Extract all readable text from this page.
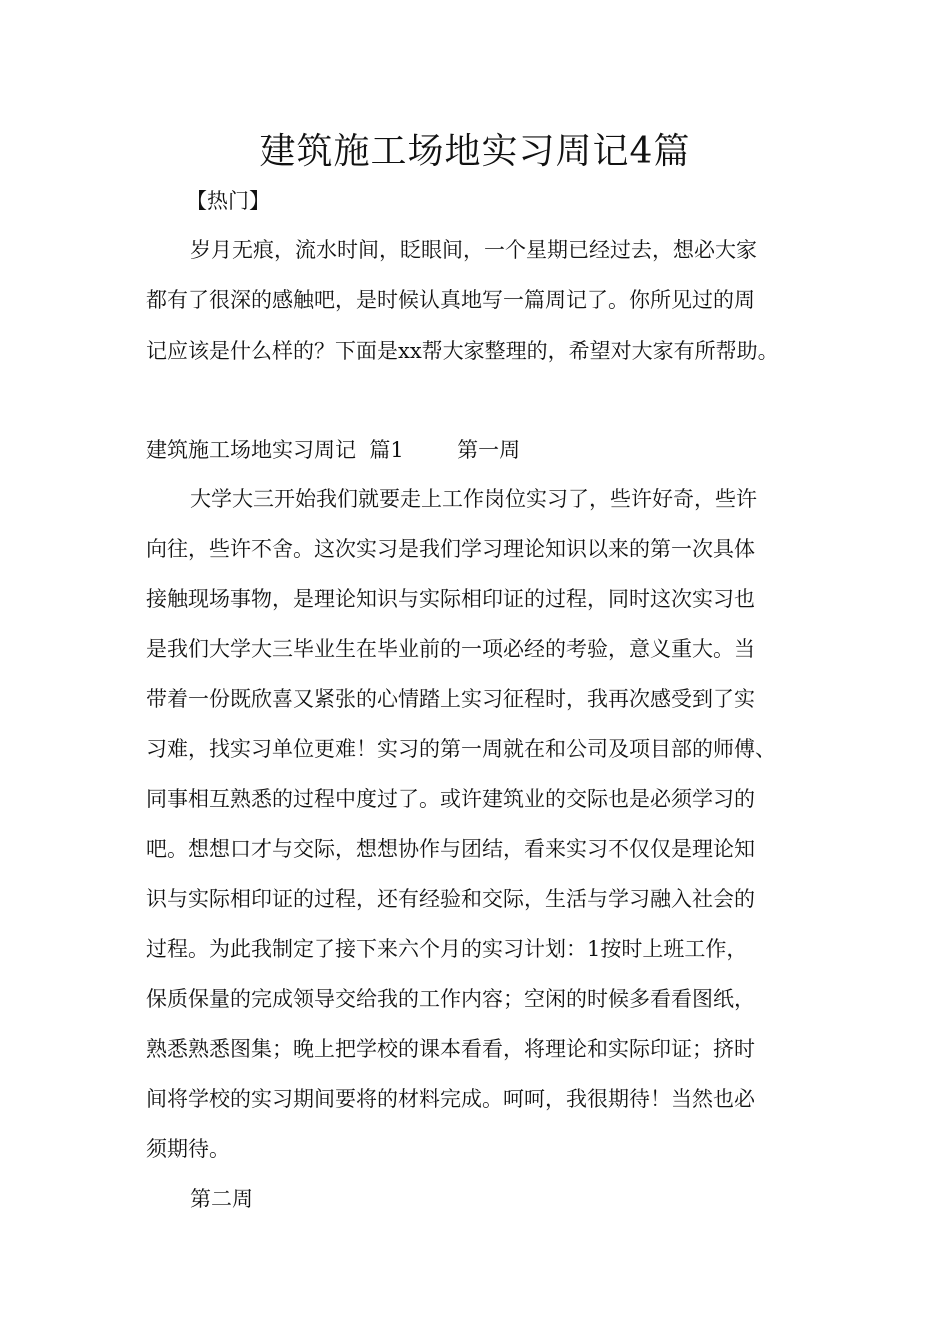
建筑施工场地实习周记4篇
【热门】
岁月无痕，流水时间，眨眼间，一个星期已经过去，想必大家
都有了很深的感触吧，是时候认真地写一篇周记了。你所见过的周
记应该是什么样的？下面是xx帮大家整理的，希望对大家有所帮助。
建筑施工场地实习周记  篇1        第一周
大学大三开始我们就要走上工作岗位实习了，些许好奇，些许
向往，些许不舍。这次实习是我们学习理论知识以来的第一次具体
接触现场事物，是理论知识与实际相印证的过程，同时这次实习也
是我们大学大三毕业生在毕业前的一项必经的考验，意义重大。当
带着一份既欣喜又紧张的心情踏上实习征程时，我再次感受到了实
习难，找实习单位更难！实习的第一周就在和公司及项目部的师傅、
同事相互熟悉的过程中度过了。或许建筑业的交际也是必须学习的
吧。想想口才与交际，想想协作与团结，看来实习不仅仅是理论知
识与实际相印证的过程，还有经验和交际，生活与学习融入社会的
过程。为此我制定了接下来六个月的实习计划：1按时上班工作，
保质保量的完成领导交给我的工作内容；空闲的时候多看看图纸，
熟悉熟悉图集；晚上把学校的课本看看，将理论和实际印证；挤时
间将学校的实习期间要将的材料完成。呵呵，我很期待！当然也必
须期待。
第二周
